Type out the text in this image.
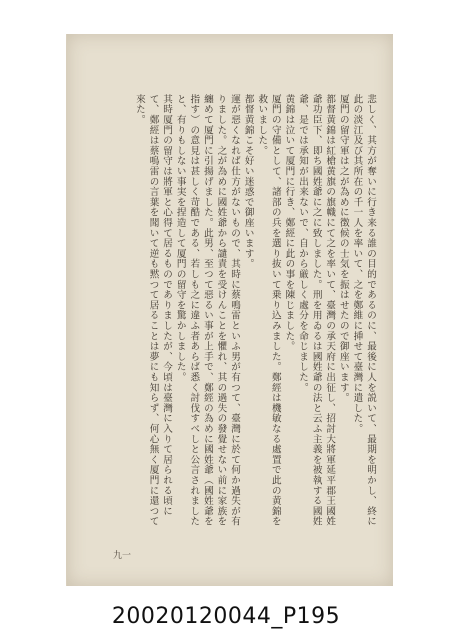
悲しく、其方が奪いに行き来る誰の目的であるのに、最後に人を説いて、最期を明かし、終に此の淡江及び其所在の千一人を率いて、之を鄭維に挿せて臺灣に遣した。

厦門の留守軍は之が為めに徴候の士気を振はせたので御座います。

都督黄錦は紅槍黄旗の旗幟にて之を率いて、臺灣の承天府に出征し、招討大將軍延平郡王國姓爺功臣下、即ち國姓爺に之に致しました。刑を用ゐるは國姓爺の法と云ふ主義を被執する國姓爺、是では承知が出来ないで、自から厳しく處分を命じました。

黄錦は泣いて厦門に行き、鄭經に此の事を陳じました。

厦門の守備として、諸部の兵を選り抜いて乗り込みました。鄭經は機敏なる處置で此の黄錦を救いました。

都督黄錦こそ好い迷惑で御座います。

運が惡くなれば仕方がないもので、其時に蔡鳴雷といふ男が有つて、臺灣に於て何か過失が有りました。之が為めに國姓爺から譴責を受けんことを懼れ、其の過失の發覺せない前に家族を纏めて厦門に引揚げました。此男、至つて惡るい事が上手で、鄭經の為めに國姓爺（國姓爺を指す）の意見は甚しく苛酷である、若しも之に違ふ者あらば悉く討伐すべしと公言されましたと、有りもしない事実を捏造して厦門の留守を驚かしました。

其時厦門の留守は將軍と心得て居るものでありましたが、今頃は臺灣に入りて居られる頃にて、鄭經は蔡鳴雷の言葉を聞いて逆も黙つて居ることは夢にも知らず、何心無く厦門に還つて來た。

九一
20020120044_P195
